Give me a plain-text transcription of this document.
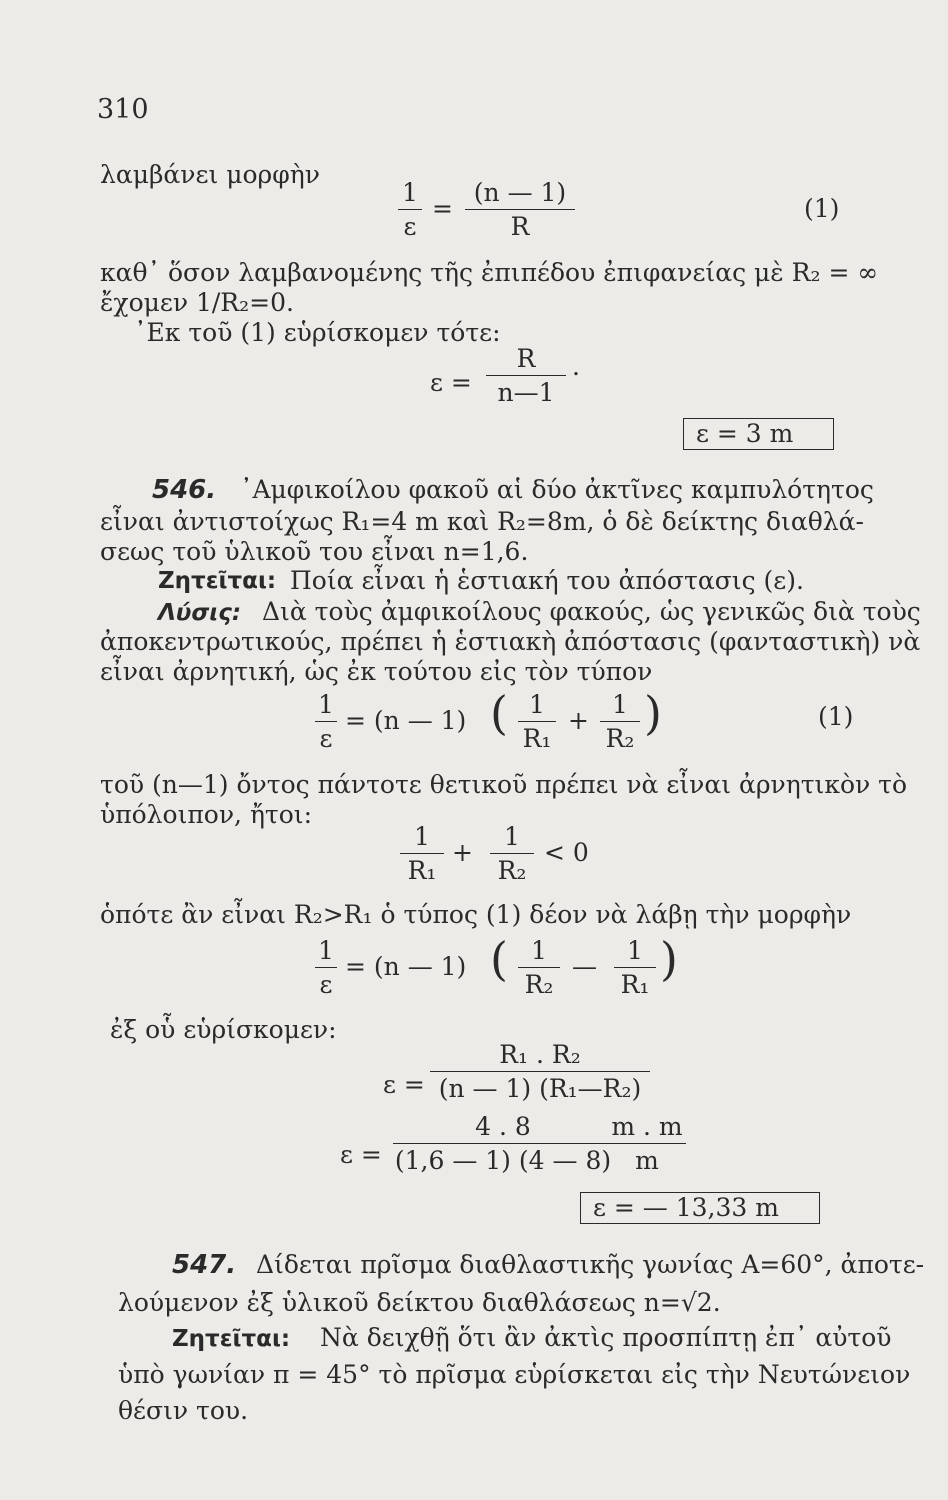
310
λαμβάνει μορφὴν
1
ε
=
(n — 1)
R
(1)
καθ᾽ ὅσον λαμβανομένης τῆς ἐπιπέδου ἐπιφανείας μὲ R₂ = ∞
ἔχομεν 1/R₂=0.
᾽Εκ τοῦ (1) εὑρίσκομεν τότε:
ε =
R
n—1
.
ε = 3 m
546. ᾽Αμφικοίλου φακοῦ αἱ δύο ἀκτῖνες καμπυλότητος
εἶναι ἀντιστοίχως R₁=4 m καὶ R₂=8m, ὁ δὲ δείκτης διαθλά-
σεως τοῦ ὑλικοῦ του εἶναι n=1,6.
Ζητεῖται: Ποία εἶναι ἡ ἑστιακή του ἀπόστασις (ε).
Λύσις: Διὰ τοὺς ἀμφικοίλους φακούς, ὡς γενικῶς διὰ τοὺς
ἀποκεντρωτικούς, πρέπει ἡ ἑστιακὴ ἀπόστασις (φανταστικὴ) νὰ
εἶναι ἀρνητική, ὡς ἐκ τούτου εἰς τὸν τύπον
1
ε
= (n — 1) ( 1
R₁
+
1
R₂ )	(1)
τοῦ (n—1) ὄντος πάντοτε θετικοῦ πρέπει νὰ εἶναι ἀρνητικὸν τὸ
ὑπόλοιπον, ἤτοι:
1
R₁
+
1
R₂
< 0
ὁπότε ἂν εἶναι R₂>R₁ ὁ τύπος (1) δέον νὰ λάβῃ τὴν μορφὴν
1
ε
= (n — 1) ( 1
R₂
—
1
R₁ )
ἐξ οὗ εὑρίσκομεν:
ε =
R₁ . R₂
(n — 1) (R₁—R₂)
ε =
4 . 8
(1,6 — 1) (4 — 8)
m . m
m
ε = — 13,33 m
547. Δίδεται πρῖσμα διαθλαστικῆς γωνίας Α=60°, ἀποτε-
λούμενον ἐξ ὑλικοῦ δείκτου διαθλάσεως n=√2.
Ζητεῖται: Νὰ δειχθῇ ὅτι ἂν ἀκτὶς προσπίπτῃ ἐπ᾽ αὐτοῦ
ὑπὸ γωνίαν π = 45° τὸ πρῖσμα εὑρίσκεται εἰς τὴν Νευτώνειον
θέσιν του.
